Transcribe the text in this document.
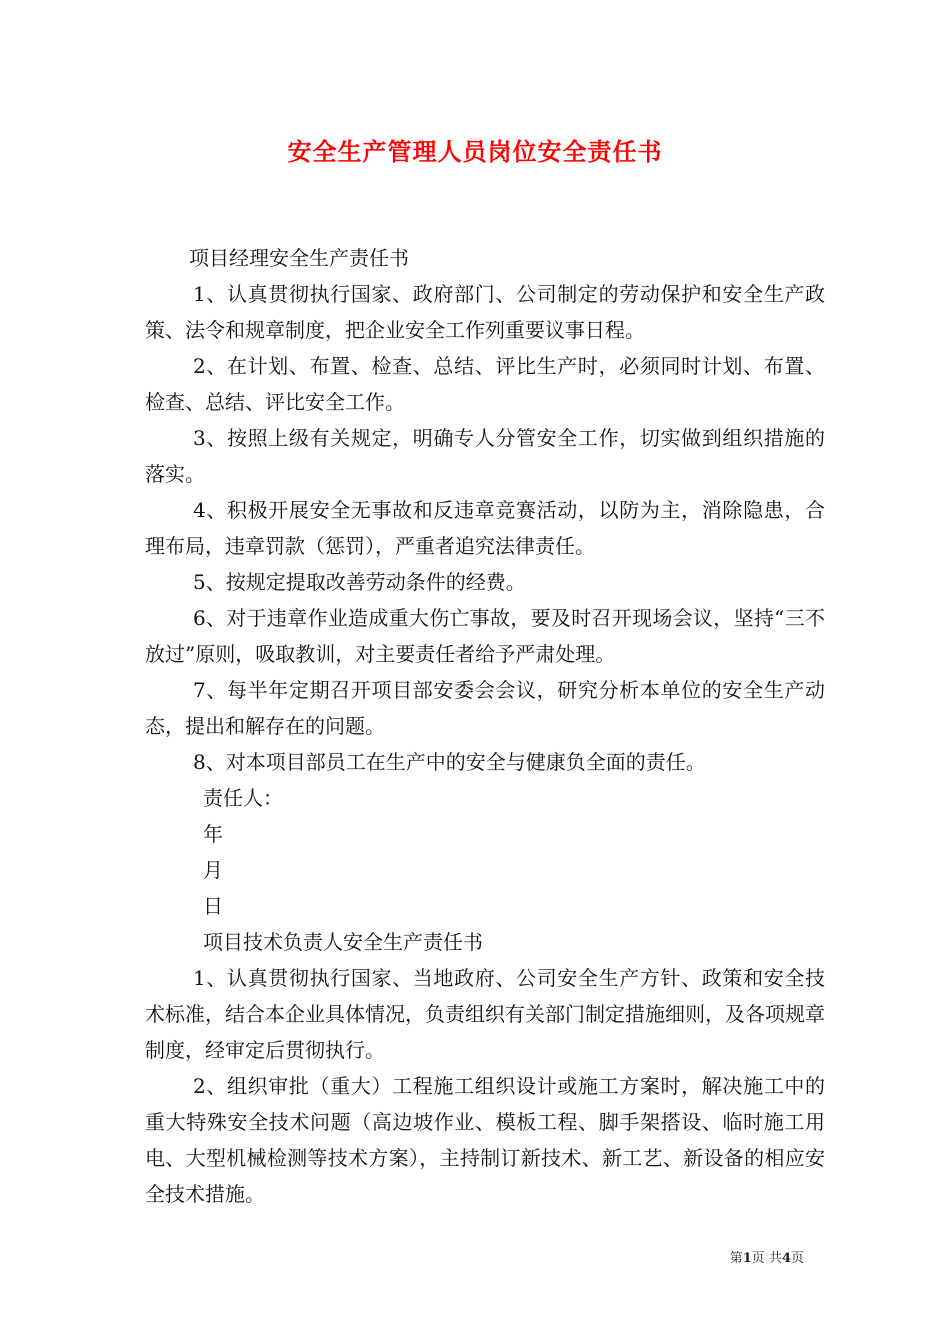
安全生产管理人员岗位安全责任书

项目经理安全生产责任书

1、认真贯彻执行国家、政府部门、公司制定的劳动保护和安全生产政策、法令和规章制度，把企业安全工作列重要议事日程。

2、在计划、布置、检查、总结、评比生产时，必须同时计划、布置、检查、总结、评比安全工作。

3、按照上级有关规定，明确专人分管安全工作，切实做到组织措施的落实。

4、积极开展安全无事故和反违章竞赛活动，以防为主，消除隐患，合理布局，违章罚款（惩罚），严重者追究法律责任。

5、按规定提取改善劳动条件的经费。

6、对于违章作业造成重大伤亡事故，要及时召开现场会议，坚持“三不放过”原则，吸取教训，对主要责任者给予严肃处理。

7、每半年定期召开项目部安委会会议，研究分析本单位的安全生产动态，提出和解存在的问题。

8、对本项目部员工在生产中的安全与健康负全面的责任。

责任人：

年

月

日

项目技术负责人安全生产责任书

1、认真贯彻执行国家、当地政府、公司安全生产方针、政策和安全技术标准，结合本企业具体情况，负责组织有关部门制定措施细则，及各项规章制度，经审定后贯彻执行。

2、组织审批（重大）工程施工组织设计或施工方案时，解决施工中的重大特殊安全技术问题（高边坡作业、模板工程、脚手架搭设、临时施工用电、大型机械检测等技术方案），主持制订新技术、新工艺、新设备的相应安全技术措施。

第1页 共4页
